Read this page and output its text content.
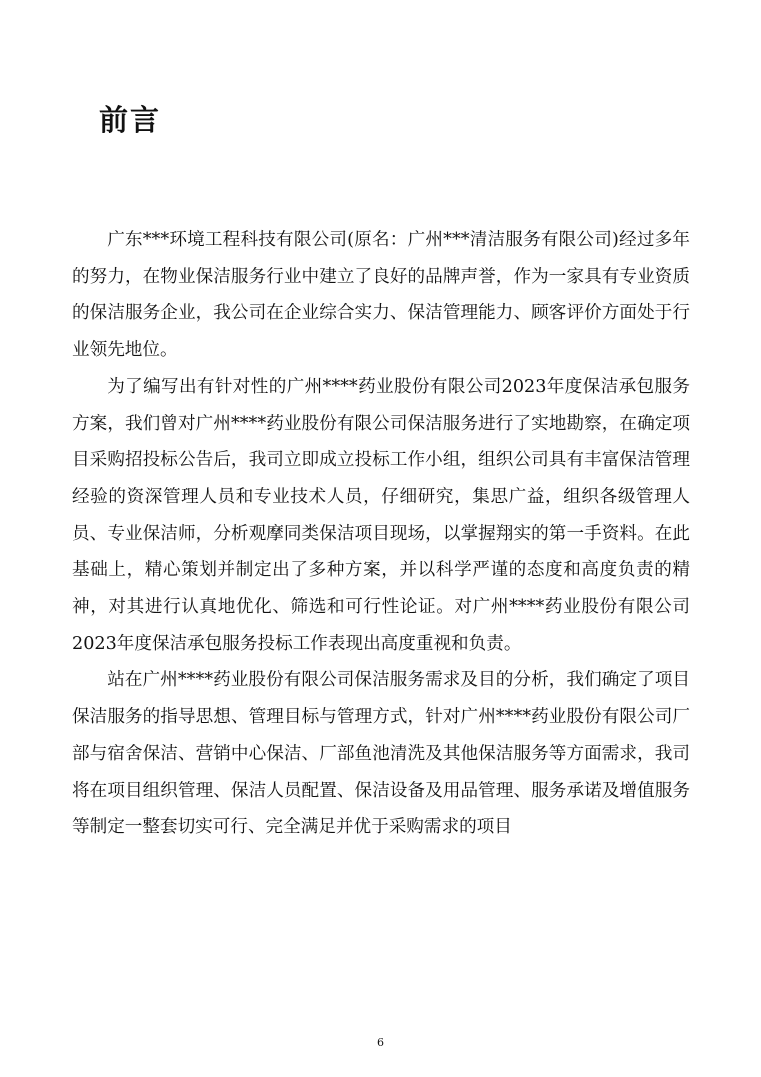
前言

广东***环境工程科技有限公司(原名：广州***清洁服务有限公司)经过多年的努力，在物业保洁服务行业中建立了良好的品牌声誉，作为一家具有专业资质的保洁服务企业，我公司在企业综合实力、保洁管理能力、顾客评价方面处于行业领先地位。

为了编写出有针对性的广州****药业股份有限公司2023年度保洁承包服务方案，我们曾对广州****药业股份有限公司保洁服务进行了实地勘察，在确定项目采购招投标公告后，我司立即成立投标工作小组，组织公司具有丰富保洁管理经验的资深管理人员和专业技术人员，仔细研究，集思广益，组织各级管理人员、专业保洁师，分析观摩同类保洁项目现场，以掌握翔实的第一手资料。在此基础上，精心策划并制定出了多种方案，并以科学严谨的态度和高度负责的精神，对其进行认真地优化、筛选和可行性论证。对广州****药业股份有限公司2023年度保洁承包服务投标工作表现出高度重视和负责。

站在广州****药业股份有限公司保洁服务需求及目的分析，我们确定了项目保洁服务的指导思想、管理目标与管理方式，针对广州****药业股份有限公司厂部与宿舍保洁、营销中心保洁、厂部鱼池清洗及其他保洁服务等方面需求，我司将在项目组织管理、保洁人员配置、保洁设备及用品管理、服务承诺及增值服务等制定一整套切实可行、完全满足并优于采购需求的项目

6
